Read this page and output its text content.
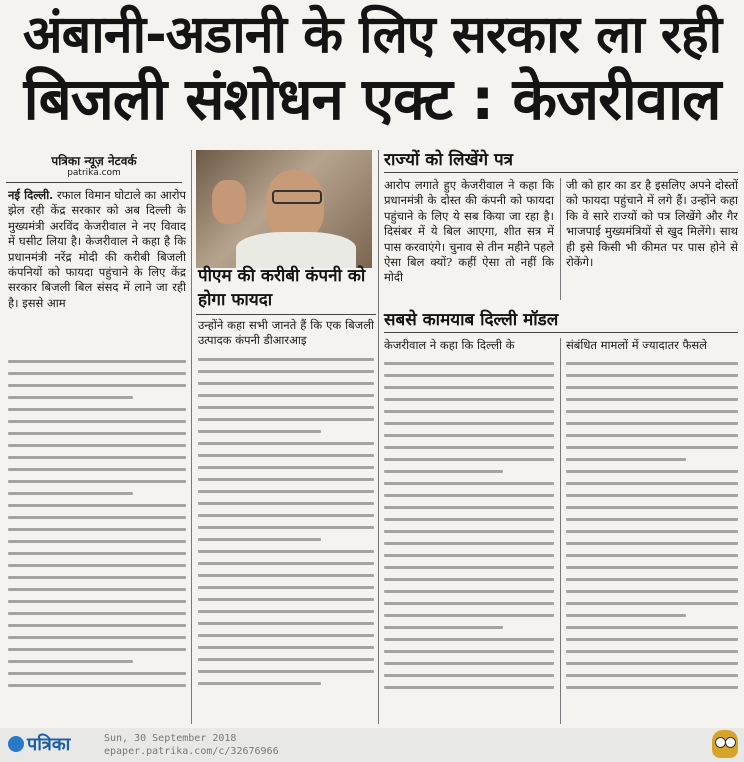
अंबानी-अडानी के लिए सरकार ला रही
बिजली संशोधन एक्ट : केजरीवाल
पत्रिका न्यूज़ नेटवर्क
patrika.com

नई दिल्ली. रफाल विमान घोटाले का आरोप झेल रही केंद्र सरकार को अब दिल्ली के मुख्यमंत्री अरविंद केजरीवाल ने नए विवाद में घसीट लिया है। केजरीवाल ने कहा है कि प्रधानमंत्री नरेंद्र मोदी की करीबी बिजली कंपनियों को फायदा पहुंचाने के लिए केंद्र सरकार बिजली बिल संसद में लाने जा रही है। इससे आम

पीएम की करीबी कंपनी को होगा फायदा

उन्होंने कहा सभी जानते हैं कि एक बिजली उत्पादक कंपनी डीआरआइ

राज्यों को लिखेंगे पत्र

आरोप लगाते हुए केजरीवाल ने कहा कि प्रधानमंत्री के दोस्त की कंपनी को फायदा पहुंचाने के लिए ये सब किया जा रहा है। दिसंबर में ये बिल आएगा, शीत सत्र में पास करवाएंगे। चुनाव से तीन महीने पहले ऐसा बिल क्यों? कहीं ऐसा तो नहीं कि मोदी

जी को हार का डर है इसलिए अपने दोस्तों को फायदा पहुंचाने में लगे हैं। उन्होंने कहा कि वे सारे राज्यों को पत्र लिखेंगे और गैर भाजपाई मुख्यमंत्रियों से खुद मिलेंगे। साथ ही इसे किसी भी कीमत पर पास होने से रोकेंगे।

सबसे कामयाब दिल्ली मॉडल

केजरीवाल ने कहा कि दिल्ली के	संबंधित मामलों में ज्यादातर फैसले

पत्रिका	Sun, 30 September 2018
epaper.patrika.com/c/32676966
